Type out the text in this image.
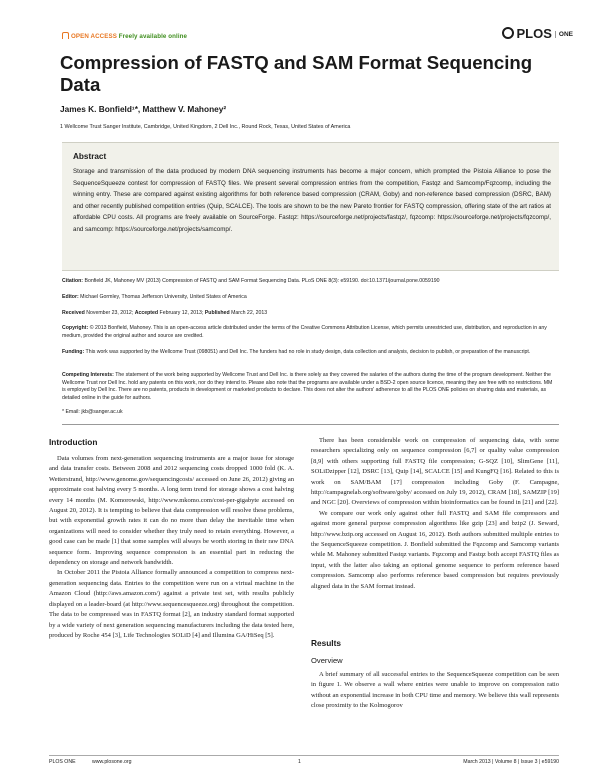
OPEN ACCESS Freely available online	PLOS ONE
Compression of FASTQ and SAM Format Sequencing Data
James K. Bonfield¹*, Matthew V. Mahoney²
1 Wellcome Trust Sanger Institute, Cambridge, United Kingdom, 2 Dell Inc., Round Rock, Texas, United States of America
Abstract
Storage and transmission of the data produced by modern DNA sequencing instruments has become a major concern, which prompted the Pistoia Alliance to pose the SequenceSqueeze contest for compression of FASTQ files. We present several compression entries from the competition, Fastqz and Samcomp/Fqzcomp, including the winning entry. These are compared against existing algorithms for both reference based compression (CRAM, Goby) and non-reference based compression (DSRC, BAM) and other recently published competition entries (Quip, SCALCE). The tools are shown to be the new Pareto frontier for FASTQ compression, offering state of the art ratios at affordable CPU costs. All programs are freely available on SourceForge. Fastqz: https://sourceforge.net/projects/fastqz/, fqzcomp: https://sourceforge.net/projects/fqzcomp/, and samcomp: https://sourceforge.net/projects/samcomp/.
Citation: Bonfield JK, Mahoney MV (2013) Compression of FASTQ and SAM Format Sequencing Data. PLoS ONE 8(3): e59190. doi:10.1371/journal.pone.0059190
Editor: Michael Gormley, Thomas Jefferson University, United States of America
Received November 23, 2012; Accepted February 12, 2013; Published March 22, 2013
Copyright: © 2013 Bonfield, Mahoney. This is an open-access article distributed under the terms of the Creative Commons Attribution License, which permits unrestricted use, distribution, and reproduction in any medium, provided the original author and source are credited.
Funding: This work was supported by the Wellcome Trust (098051) and Dell Inc. The funders had no role in study design, data collection and analysis, decision to publish, or preparation of the manuscript.
Competing Interests: The statement of the work being supported by Wellcome Trust and Dell Inc. is there solely as they covered the salaries of the authors during the time of the program development. Neither the Wellcome Trust nor Dell Inc. hold any patents on this work, nor do they intend to. Please also note that the programs are available under a BSD-2 open source licence, meaning they are free with no restrictions. MM is employed by Dell Inc. There are no patents, products in development or marketed products to declare. This does not alter the authors' adherence to all the PLOS ONE policies on sharing data and materials, as detailed online in the guide for authors.
* Email: jkb@sanger.ac.uk
Introduction

Data volumes from next-generation sequencing instruments are a major issue for storage and data transfer costs. Between 2008 and 2012 sequencing costs dropped 1000 fold (K. A. Wetterstrand, http://www.genome.gov/sequencingcosts/ accessed on June 26, 2012) giving an approximate cost halving every 5 months. A long term trend for storage shows a cost halving every 14 months (M. Komorowski, http://www.mkomo.com/cost-per-gigabyte accessed on August 20, 2012). It is tempting to believe that data compression will resolve these problems, but with exponential growth rates it can do no more than delay the inevitable time when organizations will need to consider whether they truly need to retain everything. However, a good case can be made [1] that some samples will always be worth storing in their raw DNA sequence form. Improving sequence compression is an essential part in reducing the dependency on storage and network bandwidth.

In October 2011 the Pistoia Alliance formally announced a competition to compress next-generation sequencing data. Entries to the competition were run on a virtual machine in the Amazon Cloud (http://aws.amazon.com/) against a private test set, with results publicly displayed on a leader-board (at http://www.sequencesqueeze.org) throughout the competition. The data to be compressed was in FASTQ format [2], an industry standard format supported by a wide variety of next generation sequencing manufacturers including the data tested here, produced by Roche 454 [3], Life Technologies SOLiD [4] and Illumina GA/HiSeq [5].

There has been considerable work on compression of sequencing data, with some researchers specializing only on sequence compression [6,7] or quality value compression [8,9] with others supporting full FASTQ file compression; G-SQZ [10], SlimGene [11], SOLiDzipper [12], DSRC [13], Quip [14], SCALCE [15] and KungFQ [16]. Related to this is work on SAM/BAM [17] compression including Goby (F. Campagne, http://campagnelab.org/software/goby/ accessed on July 19, 2012), CRAM [18], SAMZIP [19] and NGC [20]. Overviews of compression within bioinformatics can be found in [21] and [22].

We compare our work only against other full FASTQ and SAM file compressors and against more general purpose compression algorithms like gzip [23] and bzip2 (J. Seward, http://www.bzip.org accessed on August 16, 2012). Both authors submitted multiple entries to the SequenceSqueeze competition. J. Bonfield submitted the Fqzcomp and Samcomp variants while M. Mahoney submitted Fastqz variants. Fqzcomp and Fastqz both accept FASTQ files as input, with the latter also taking an optional genome sequence to perform reference based compression. Samcomp also performs reference based compression but requires previously aligned data in the SAM format instead.

Results
Overview

A brief summary of all successful entries to the SequenceSqueeze competition can be seen in figure 1. We observe a wall where entries were unable to improve on compression ratio without an exponential increase in both CPU time and memory. We believe this wall represents close proximity to the Kolmogorov

PLOS ONE	www.plosone.org	1	March 2013 | Volume 8 | Issue 3 | e59190
